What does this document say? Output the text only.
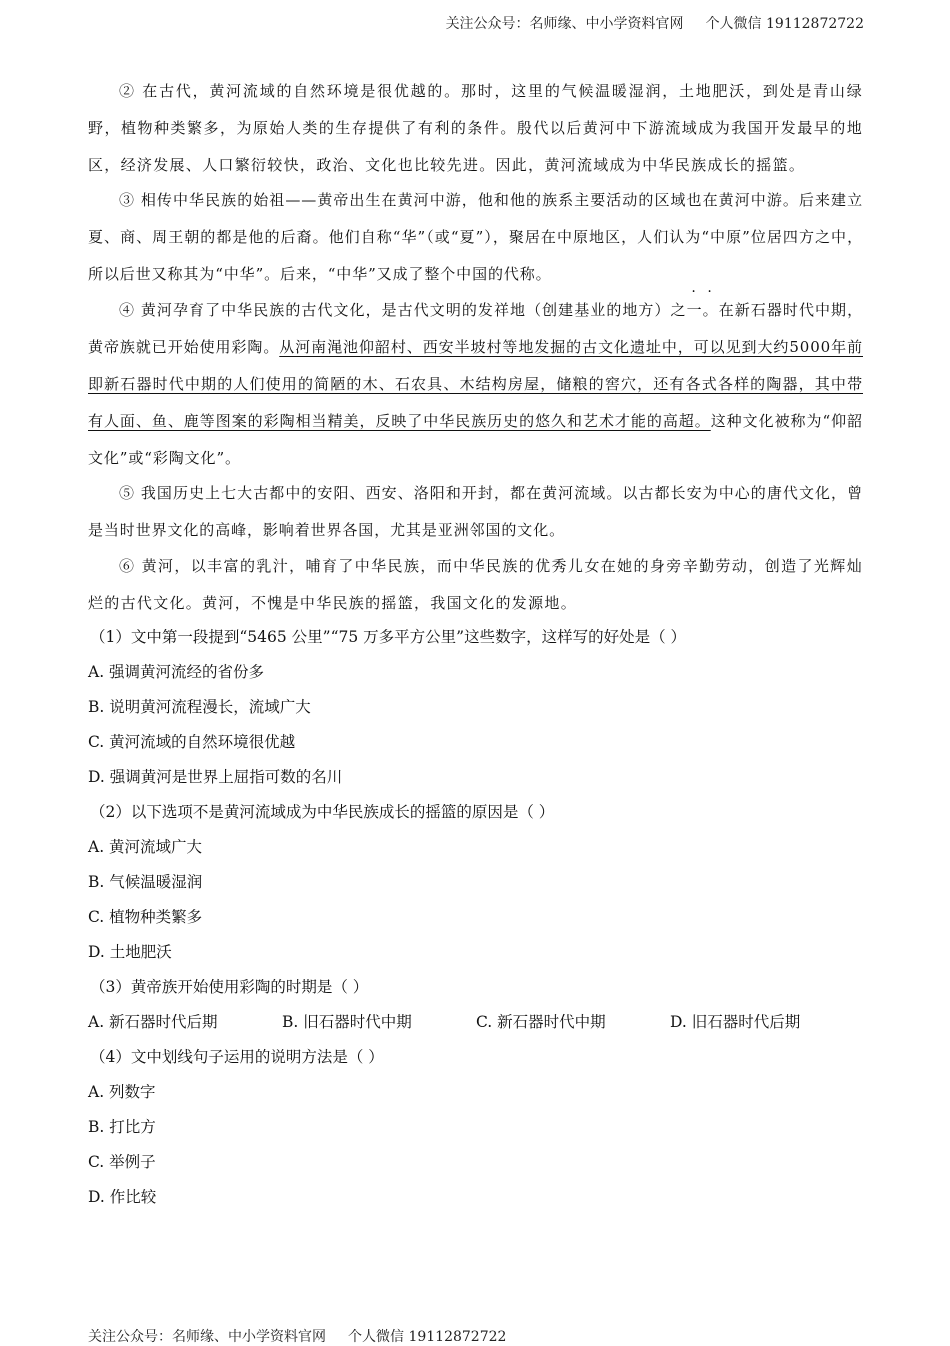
关注公众号：名师缘、中小学资料官网 个人微信 19112872722
② 在古代，黄河流域的自然环境是很优越的。那时，这里的气候温暖湿润，土地肥沃，到处是青山绿野，植物种类繁多，为原始人类的生存提供了有利的条件。殷代以后黄河中下游流域成为我国开发最早的地区，经济发展、人口繁衍较快，政治、文化也比较先进。因此，黄河流域成为中华民族成长的摇篮。
③ 相传中华民族的始祖——黄帝出生在黄河中游，他和他的族系主要活动的区域也在黄河中游。后来建立夏、商、周王朝的都是他的后裔。他们自称“华”（或“夏”），聚居在中原地区，人们认为“中原”位居四方之中，所以后世又称其为“中华”。后来，“中华”又成了整个中国的代称。
④ 黄河孕育了中华民族的古代文化，是古代文明的发祥地（创建基业的地方）之一。在新石器时代中期，黄帝族就已开始使用彩陶。从河南渑池仰韶村、西安半坡村等地发掘的古文化遗址中，可以见到大约5000年前即新石器时代中期的人们使用的简陋的木、石农具、木结构房屋，储粮的窖穴，还有各式各样的陶器，其中带有人面、鱼、鹿等图案的彩陶相当精美，反映了中华民族历史的悠久和艺术才能的高超。这种文化被称为“仰韶文化”或“彩陶文化”。
⑤ 我国历史上七大古都中的安阳、西安、洛阳和开封，都在黄河流域。以古都长安为中心的唐代文化，曾是当时世界文化的高峰，影响着世界各国，尤其是亚洲邻国的文化。
⑥ 黄河，以丰富的乳汁，哺育了中华民族，而中华民族的优秀儿女在她的身旁辛勤劳动，创造了光辉灿烂的古代文化。黄河，不愧是中华民族的摇篮，我国文化的发源地。
（1）文中第一段提到“5465 公里”“75 万多平方公里”这些数字，这样写的好处是（ ）
A. 强调黄河流经的省份多
B. 说明黄河流程漫长，流域广大
C. 黄河流域的自然环境很优越
D. 强调黄河是世界上屈指可数的名川
（2）以下选项不是黄河流域成为中华民族成长的摇篮的原因是（ ）
A. 黄河流域广大
B. 气候温暖湿润
C. 植物种类繁多
D. 土地肥沃
（3）黄帝族开始使用彩陶的时期是（ ）
A. 新石器时代后期	B. 旧石器时代中期	C. 新石器时代中期	D. 旧石器时代后期
（4）文中划线句子运用的说明方法是（ ）
A. 列数字
B. 打比方
C. 举例子
D. 作比较
关注公众号：名师缘、中小学资料官网 个人微信 19112872722
